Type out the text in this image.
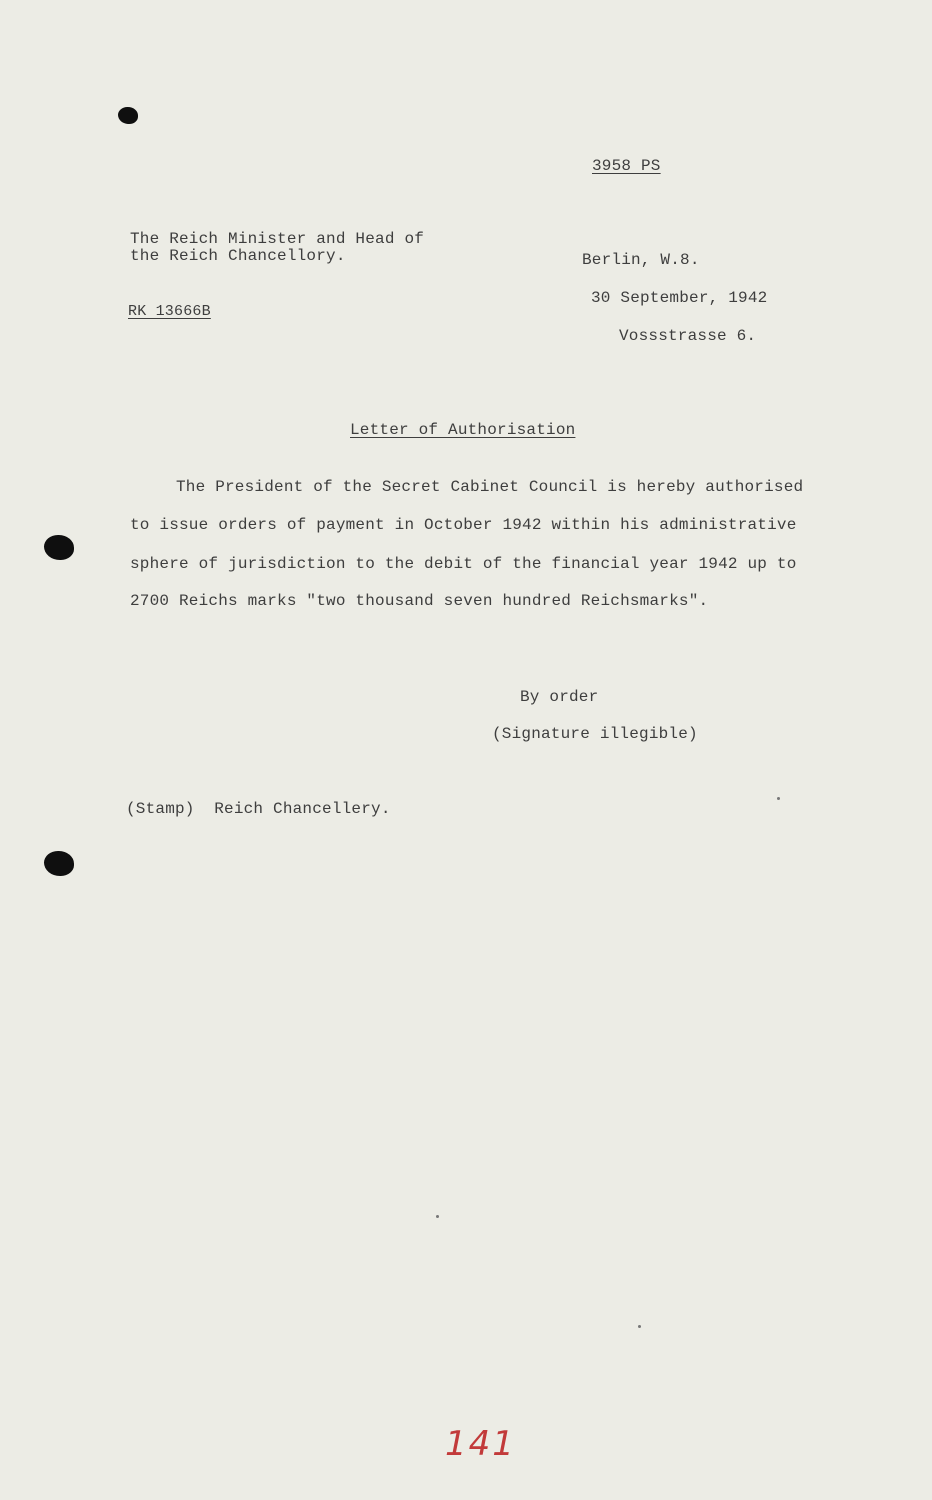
3958 PS

The Reich Minister and Head of

the Reich Chancellory.

RK 13666B

Berlin, W.8.

30 September, 1942

Vossstrasse 6.

Letter of Authorisation

The President of the Secret Cabinet Council is hereby authorised

to issue orders of payment in October 1942 within his administrative

sphere of jurisdiction to the debit of the financial year 1942 up to

2700 Reichs marks "two thousand seven hundred Reichsmarks".

By order

(Signature illegible)

(Stamp)  Reich Chancellery.

141
